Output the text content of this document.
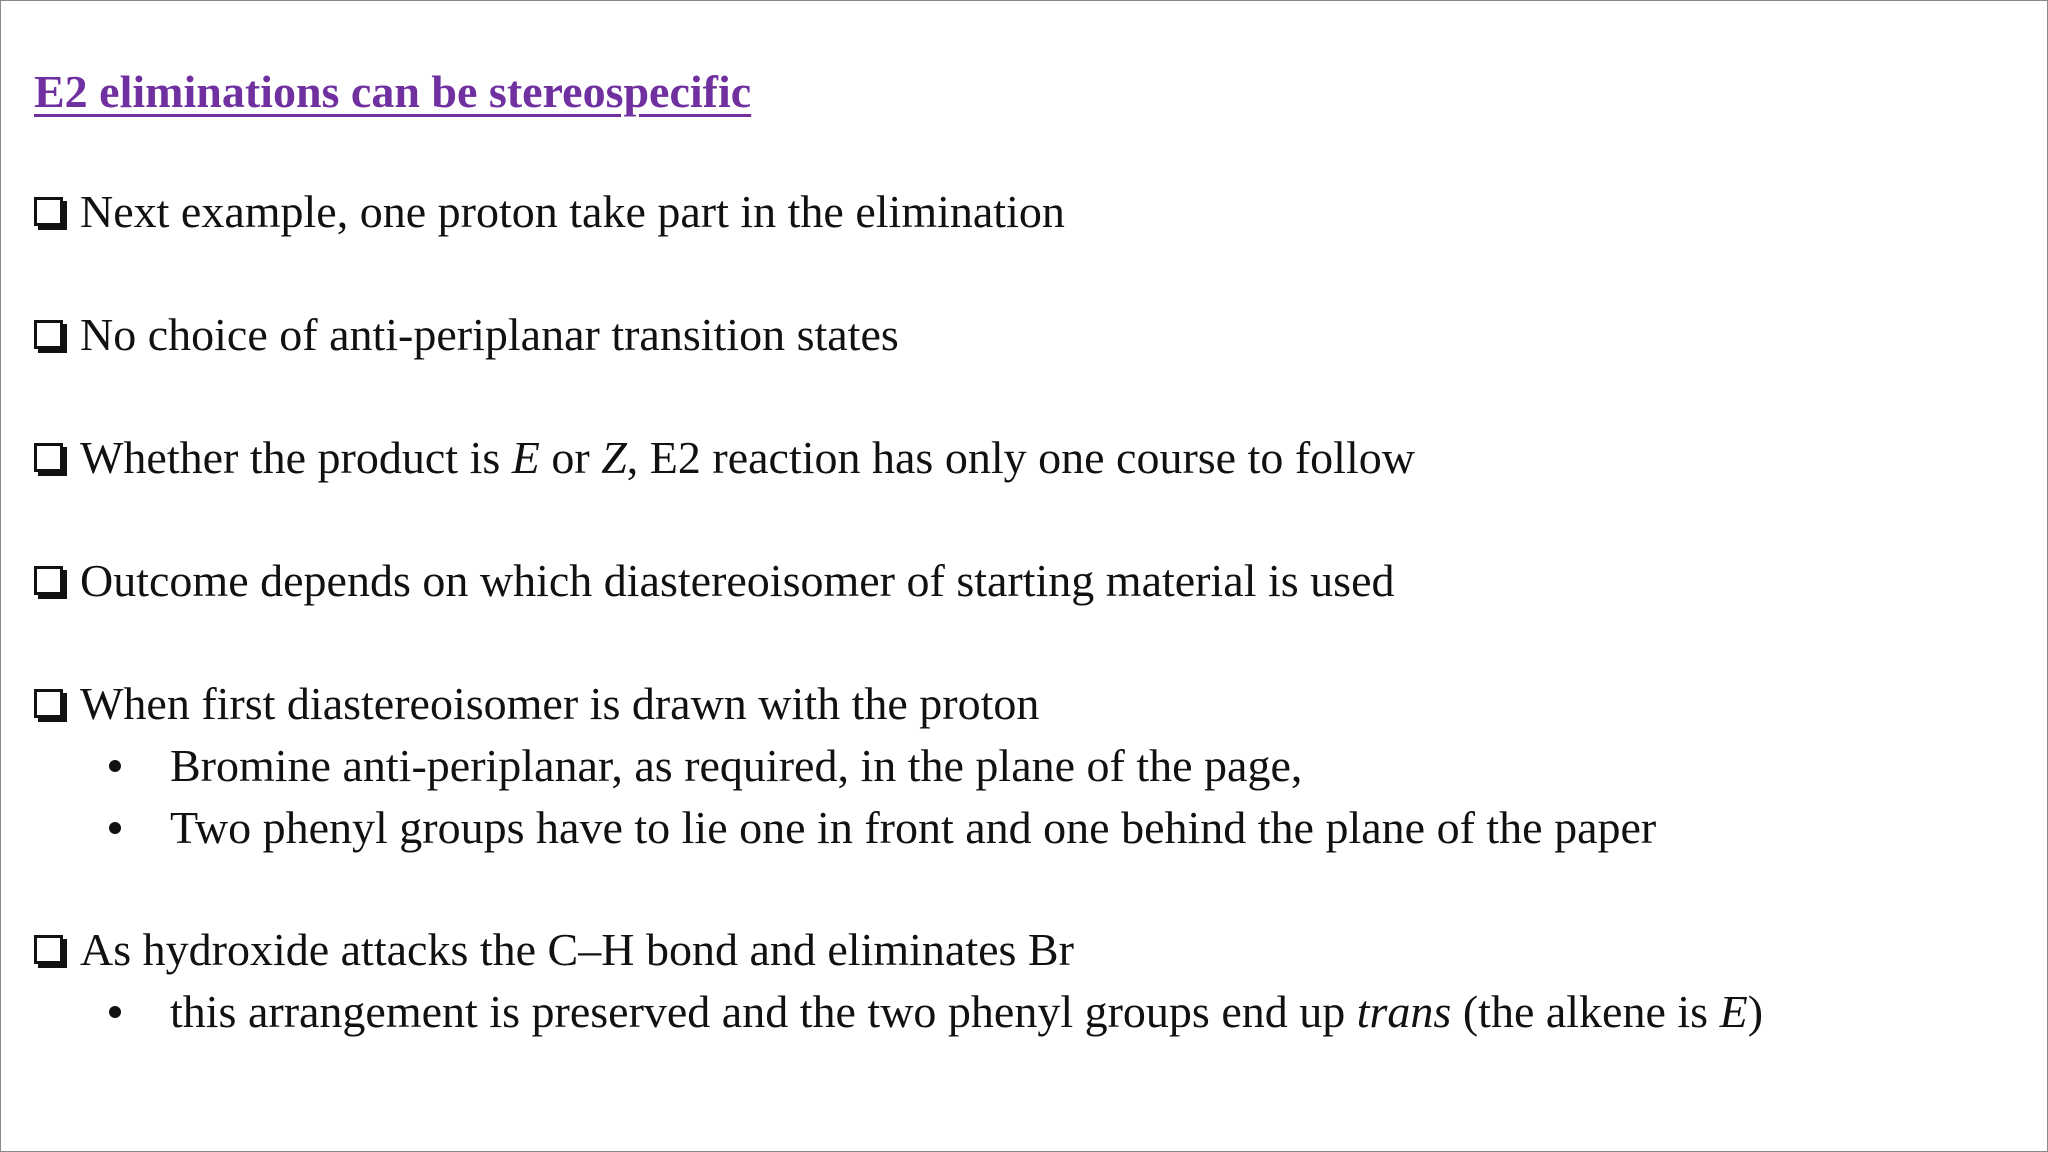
E2 eliminations can be stereospecific
Next example, one proton take part in the elimination
No choice of anti-periplanar transition states
Whether the product is E or Z, E2 reaction has only one course to follow
Outcome depends on which diastereoisomer of starting material is used
When first diastereoisomer is drawn with the proton
Bromine anti-periplanar, as required, in the plane of the page,
Two phenyl groups have to lie one in front and one behind the plane of the paper
As hydroxide attacks the C–H bond and eliminates Br
this arrangement is preserved and the two phenyl groups end up trans (the alkene is E)
